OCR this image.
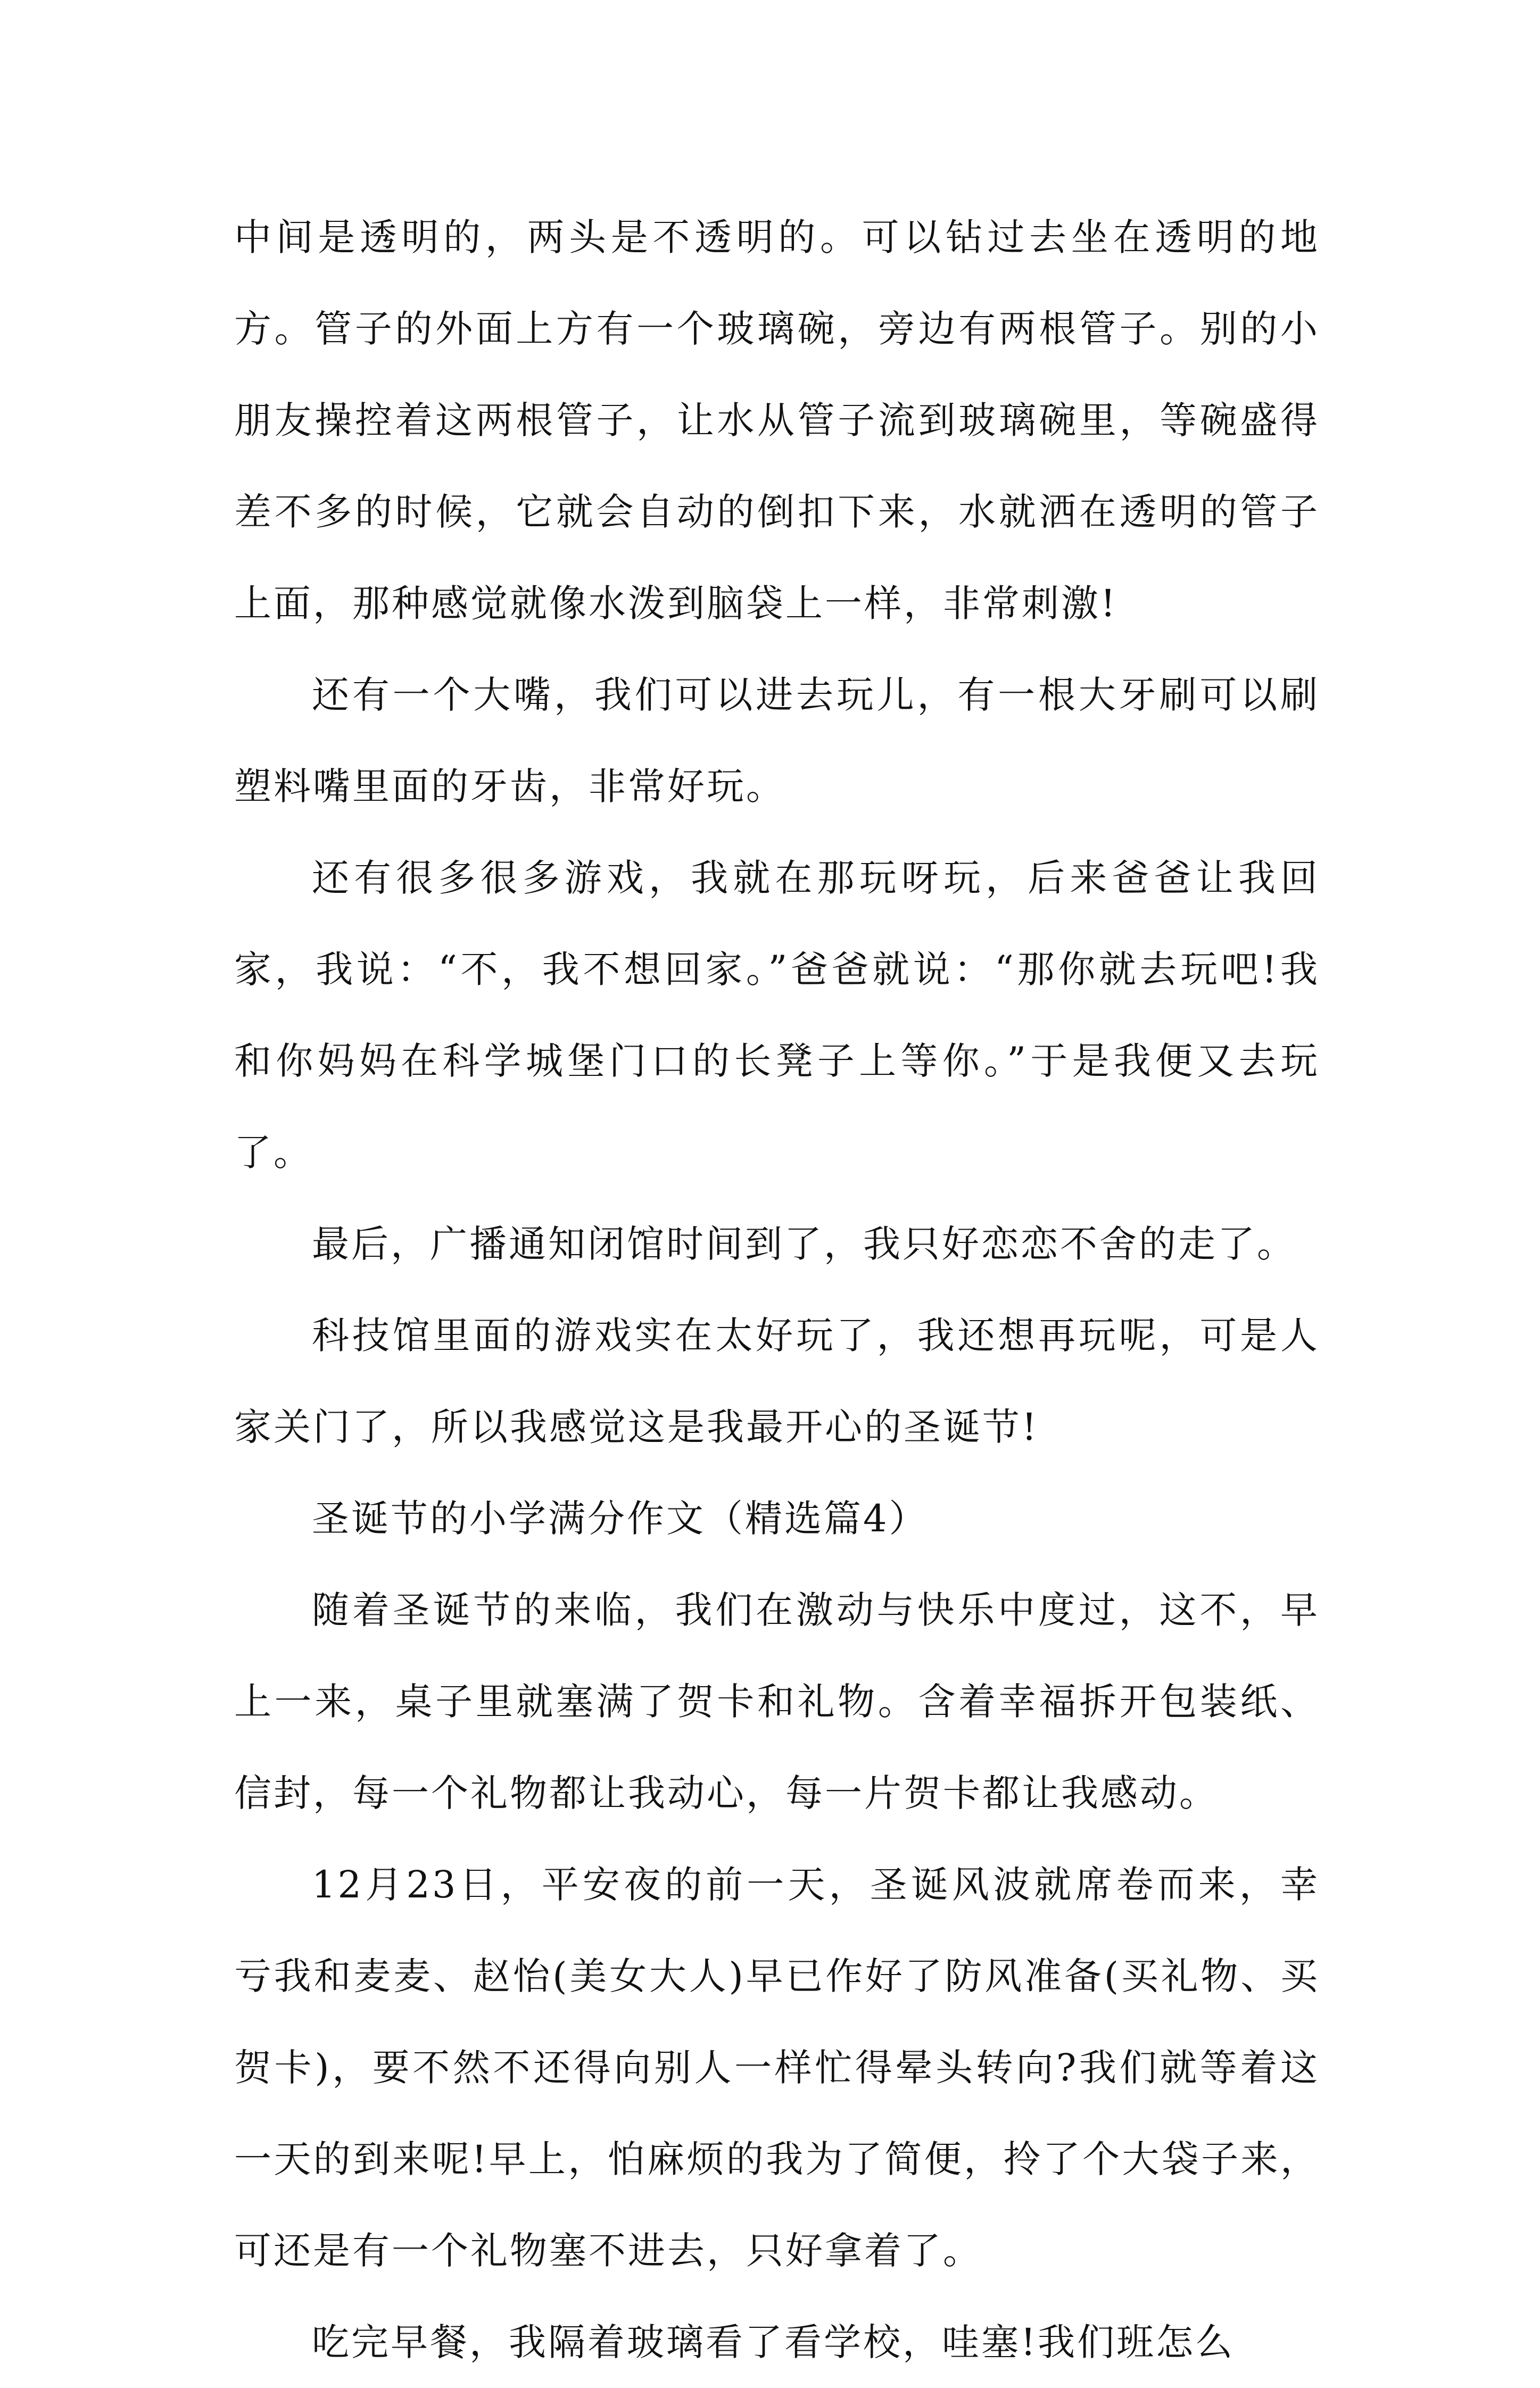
中间是透明的，两头是不透明的。可以钻过去坐在透明的地方。管子的外面上方有一个玻璃碗，旁边有两根管子。别的小朋友操控着这两根管子，让水从管子流到玻璃碗里，等碗盛得差不多的时候，它就会自动的倒扣下来，水就洒在透明的管子上面，那种感觉就像水泼到脑袋上一样，非常刺激!

还有一个大嘴，我们可以进去玩儿，有一根大牙刷可以刷塑料嘴里面的牙齿，非常好玩。

还有很多很多游戏，我就在那玩呀玩，后来爸爸让我回家，我说：“不，我不想回家。”爸爸就说：“那你就去玩吧!我和你妈妈在科学城堡门口的长凳子上等你。”于是我便又去玩了。

最后，广播通知闭馆时间到了，我只好恋恋不舍的走了。

科技馆里面的游戏实在太好玩了，我还想再玩呢，可是人家关门了，所以我感觉这是我最开心的圣诞节!

圣诞节的小学满分作文（精选篇4）

随着圣诞节的来临，我们在激动与快乐中度过，这不，早上一来，桌子里就塞满了贺卡和礼物。含着幸福拆开包装纸、信封，每一个礼物都让我动心，每一片贺卡都让我感动。

12月23日，平安夜的前一天，圣诞风波就席卷而来，幸亏我和麦麦、赵怡(美女大人)早已作好了防风准备(买礼物、买贺卡)，要不然不还得向别人一样忙得晕头转向?我们就等着这一天的到来呢!早上，怕麻烦的我为了简便，拎了个大袋子来，可还是有一个礼物塞不进去，只好拿着了。

吃完早餐，我隔着玻璃看了看学校，哇塞!我们班怎么
